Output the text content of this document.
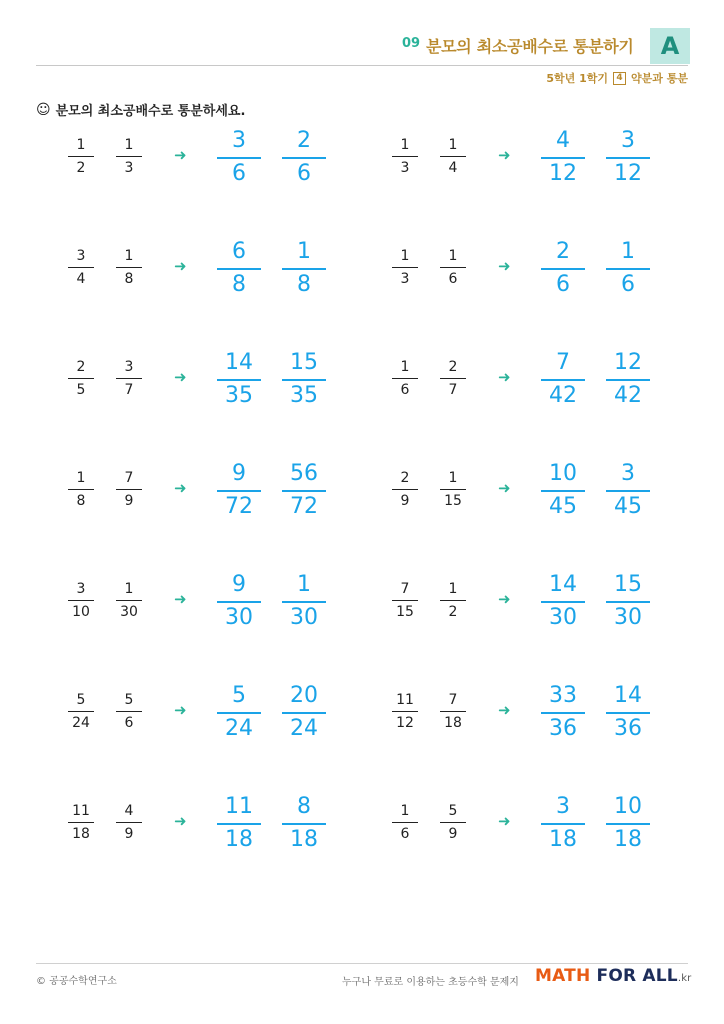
09 분모의 최소공배수로 통분하기	A
5학년 1학기 4 약분과 통분
☺ 분모의 최소공배수로 통분하세요.
1
2
1
3
➜
3
6
2
6
1
3
1
4
➜
4
12
3
12
3
4
1
8
➜
6
8
1
8
1
3
1
6
➜
2
6
1
6
2
5
3
7
➜
14
35
15
35
1
6
2
7
➜
7
42
12
42
1
8
7
9
➜
9
72
56
72
2
9
1
15
➜
10
45
3
45
3
10
1
30
➜
9
30
1
30
7
15
1
2
➜
14
30
15
30
5
24
5
6
➜
5
24
20
24
11
12
7
18
➜
33
36
14
36
11
18
4
9
➜
11
18
8
18
1
6
5
9
➜
3
18
10
18
© 공공수학연구소	누구나 무료로 이용하는 초등수학 문제지 MATH FOR ALL.kr
